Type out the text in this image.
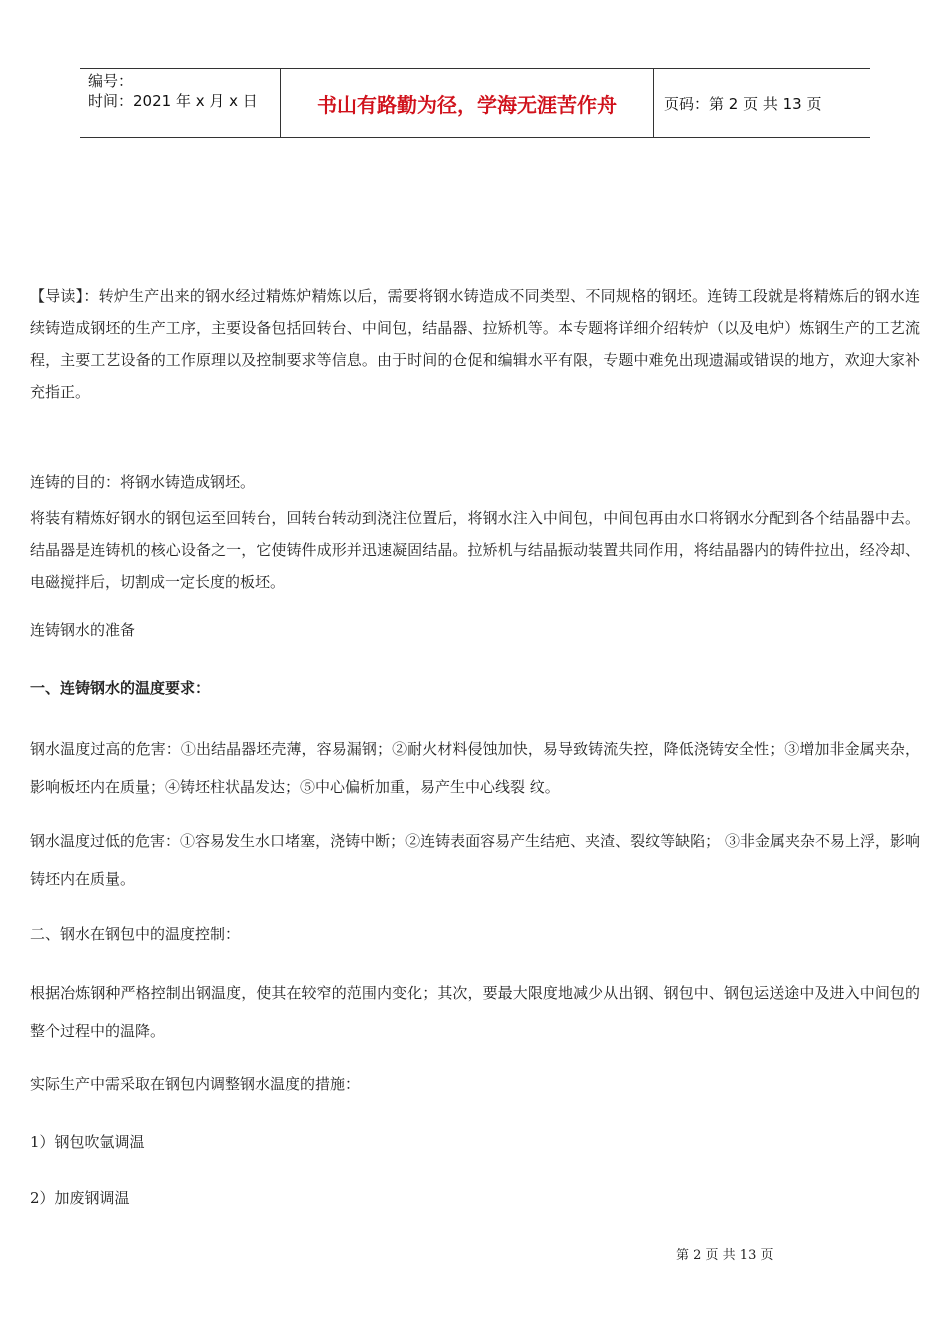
编号：
时间：2021 年 x 月 x 日	书山有路勤为径，学海无涯苦作舟	页码：第 2 页 共 13 页

【导读】：转炉生产出来的钢水经过精炼炉精炼以后，需要将钢水铸造成不同类型、不同规格的钢坯。连铸工段就是将精炼后的钢水连续铸造成钢坯的生产工序，主要设备包括回转台、中间包，结晶器、拉矫机等。本专题将详细介绍转炉（以及电炉）炼钢生产的工艺流程，主要工艺设备的工作原理以及控制要求等信息。由于时间的仓促和编辑水平有限，专题中难免出现遗漏或错误的地方，欢迎大家补充指正。

连铸的目的：将钢水铸造成钢坯。

将装有精炼好钢水的钢包运至回转台，回转台转动到浇注位置后，将钢水注入中间包，中间包再由水口将钢水分配到各个结晶器中去。结晶器是连铸机的核心设备之一，它使铸件成形并迅速凝固结晶。拉矫机与结晶振动装置共同作用，将结晶器内的铸件拉出，经冷却、电磁搅拌后，切割成一定长度的板坯。

连铸钢水的准备

一、连铸钢水的温度要求：

钢水温度过高的危害：①出结晶器坯壳薄，容易漏钢；②耐火材料侵蚀加快，易导致铸流失控，降低浇铸安全性；③增加非金属夹杂，影响板坯内在质量；④铸坯柱状晶发达；⑤中心偏析加重，易产生中心线裂 纹。

钢水温度过低的危害：①容易发生水口堵塞，浇铸中断；②连铸表面容易产生结疤、夹渣、裂纹等缺陷； ③非金属夹杂不易上浮，影响铸坯内在质量。

二、钢水在钢包中的温度控制：

根据冶炼钢种严格控制出钢温度，使其在较窄的范围内变化；其次，要最大限度地减少从出钢、钢包中、钢包运送途中及进入中间包的整个过程中的温降。

实际生产中需采取在钢包内调整钢水温度的措施：

1）钢包吹氩调温

2）加废钢调温

第 2 页 共 13 页
